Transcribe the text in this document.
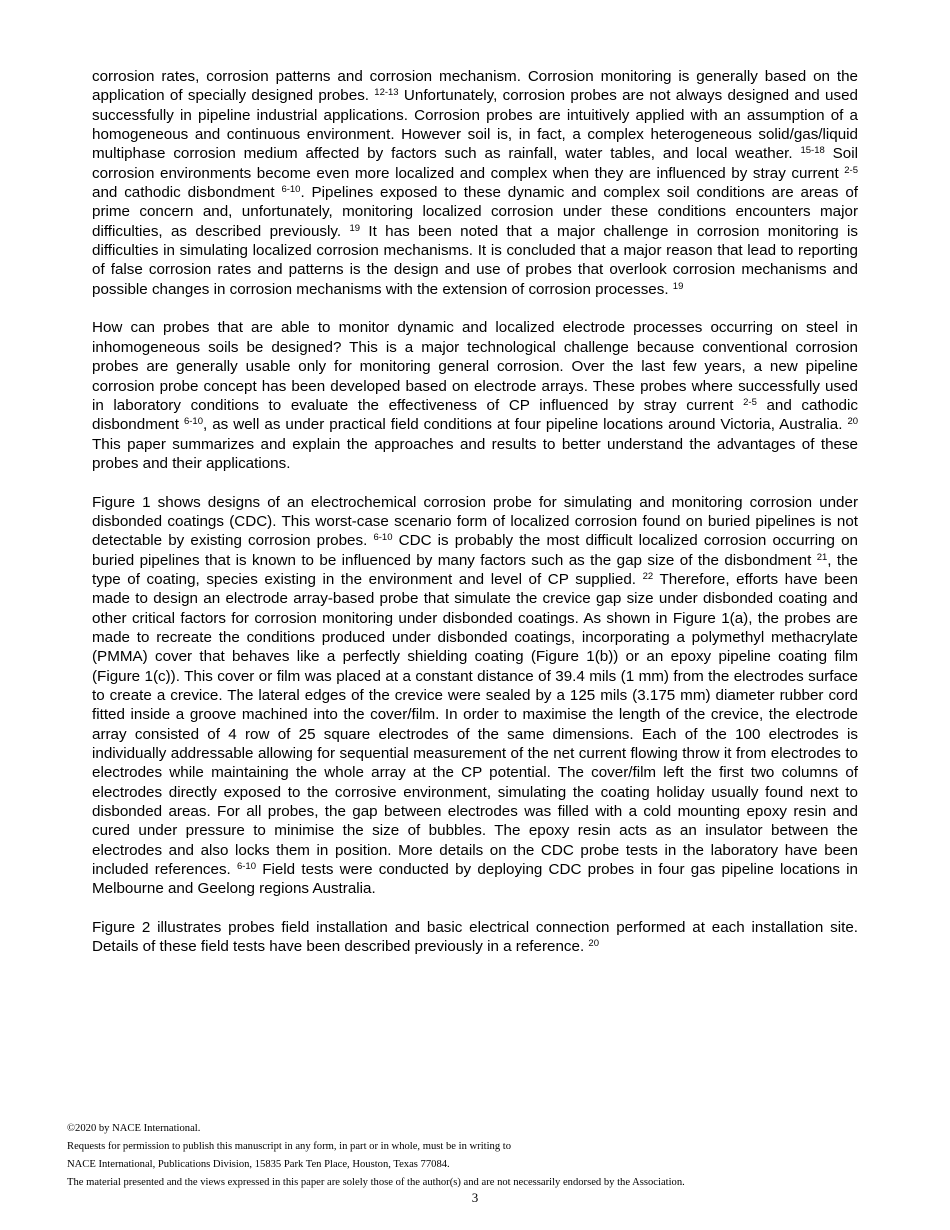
corrosion rates, corrosion patterns and corrosion mechanism. Corrosion monitoring is generally based on the application of specially designed probes. $^{12-13}$ Unfortunately, corrosion probes are not always designed and used successfully in pipeline industrial applications. Corrosion probes are intuitively applied with an assumption of a homogeneous and continuous environment. However soil is, in fact, a complex heterogeneous solid/gas/liquid multiphase corrosion medium affected by factors such as rainfall, water tables, and local weather. $^{15-18}$ Soil corrosion environments become even more localized and complex when they are influenced by stray current $^{2-5}$ and cathodic disbondment $^{6-10}$. Pipelines exposed to these dynamic and complex soil conditions are areas of prime concern and, unfortunately, monitoring localized corrosion under these conditions encounters major difficulties, as described previously. $^{19}$ It has been noted that a major challenge in corrosion monitoring is difficulties in simulating localized corrosion mechanisms. It is concluded that a major reason that lead to reporting of false corrosion rates and patterns is the design and use of probes that overlook corrosion mechanisms and possible changes in corrosion mechanisms with the extension of corrosion processes. $^{19}$

How can probes that are able to monitor dynamic and localized electrode processes occurring on steel in inhomogeneous soils be designed? This is a major technological challenge because conventional corrosion probes are generally usable only for monitoring general corrosion. Over the last few years, a new pipeline corrosion probe concept has been developed based on electrode arrays. These probes where successfully used in laboratory conditions to evaluate the effectiveness of CP influenced by stray current $^{2-5}$ and cathodic disbondment $^{6-10}$, as well as under practical field conditions at four pipeline locations around Victoria, Australia. $^{20}$ This paper summarizes and explain the approaches and results to better understand the advantages of these probes and their applications.

Figure 1 shows designs of an electrochemical corrosion probe for simulating and monitoring corrosion under disbonded coatings (CDC). This worst-case scenario form of localized corrosion found on buried pipelines is not detectable by existing corrosion probes. $^{6-10}$ CDC is probably the most difficult localized corrosion occurring on buried pipelines that is known to be influenced by many factors such as the gap size of the disbondment $^{21}$, the type of coating, species existing in the environment and level of CP supplied. $^{22}$ Therefore, efforts have been made to design an electrode array-based probe that simulate the crevice gap size under disbonded coating and other critical factors for corrosion monitoring under disbonded coatings. As shown in Figure 1(a), the probes are made to recreate the conditions produced under disbonded coatings, incorporating a polymethyl methacrylate (PMMA) cover that behaves like a perfectly shielding coating (Figure 1(b)) or an epoxy pipeline coating film (Figure 1(c)). This cover or film was placed at a constant distance of 39.4 mils (1 mm) from the electrodes surface to create a crevice. The lateral edges of the crevice were sealed by a 125 mils (3.175 mm) diameter rubber cord fitted inside a groove machined into the cover/film. In order to maximise the length of the crevice, the electrode array consisted of 4 row of 25 square electrodes of the same dimensions. Each of the 100 electrodes is individually addressable allowing for sequential measurement of the net current flowing throw it from electrodes to electrodes while maintaining the whole array at the CP potential. The cover/film left the first two columns of electrodes directly exposed to the corrosive environment, simulating the coating holiday usually found next to disbonded areas. For all probes, the gap between electrodes was filled with a cold mounting epoxy resin and cured under pressure to minimise the size of bubbles. The epoxy resin acts as an insulator between the electrodes and also locks them in position. More details on the CDC probe tests in the laboratory have been included references. $^{6-10}$ Field tests were conducted by deploying CDC probes in four gas pipeline locations in Melbourne and Geelong regions Australia.

Figure 2 illustrates probes field installation and basic electrical connection performed at each installation site. Details of these field tests have been described previously in a reference. $^{20}$

©2020 by NACE International.
Requests for permission to publish this manuscript in any form, in part or in whole, must be in writing to
NACE International, Publications Division, 15835 Park Ten Place, Houston, Texas 77084.
The material presented and the views expressed in this paper are solely those of the author(s) and are not necessarily endorsed by the Association.
3
